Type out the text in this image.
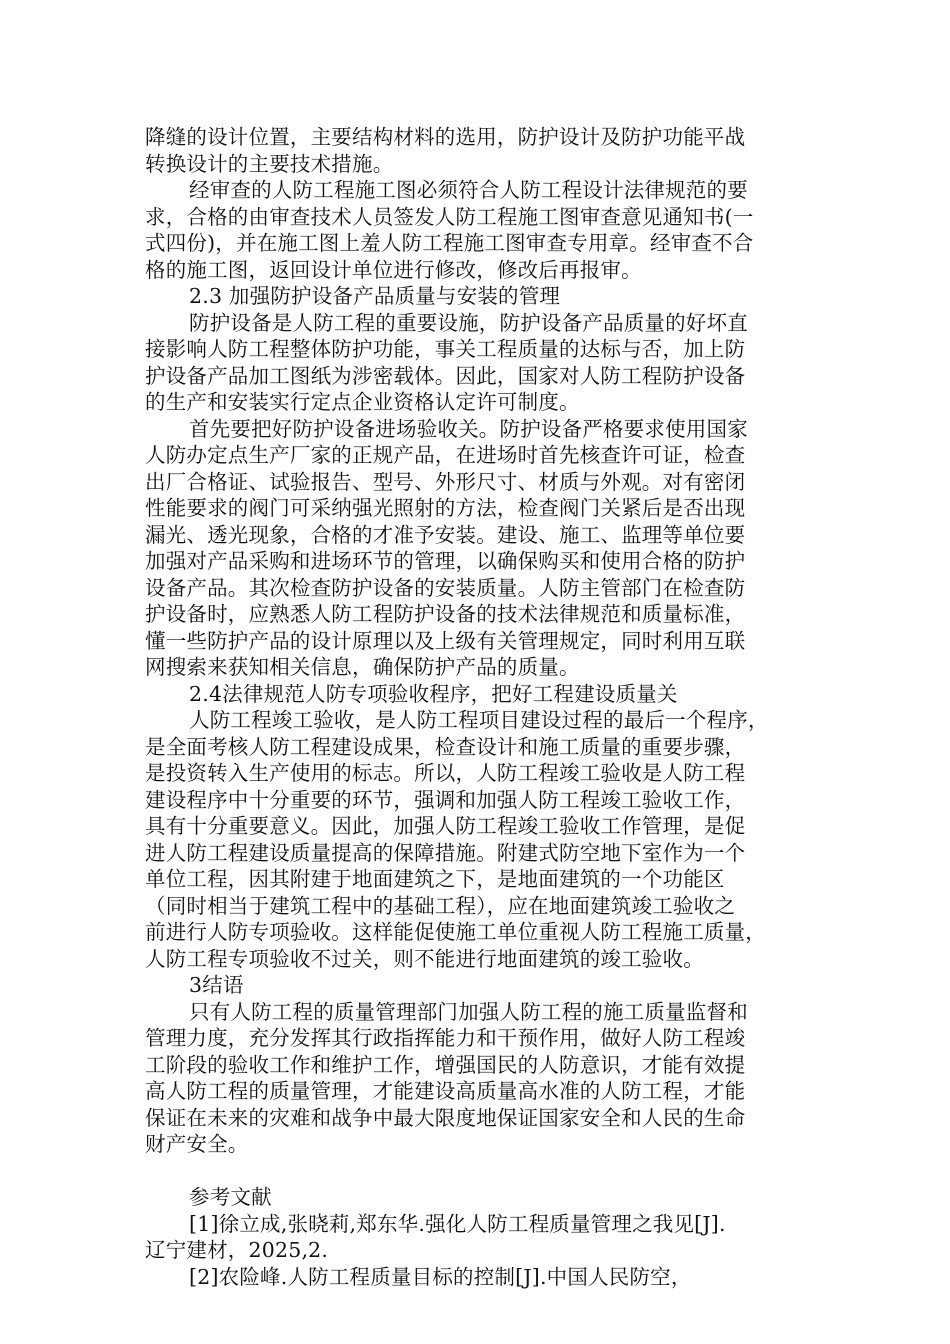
降缝的设计位置，主要结构材料的选用，防护设计及防护功能平战
转换设计的主要技术措施。
经审查的人防工程施工图必须符合人防工程设计法律规范的要
求，合格的由审查技术人员签发人防工程施工图审查意见通知书(一
式四份)，并在施工图上羞人防工程施工图审查专用章。经审查不合
格的施工图，返回设计单位进行修改，修改后再报审。
2.3 加强防护设备产品质量与安装的管理
防护设备是人防工程的重要设施，防护设备产品质量的好坏直
接影响人防工程整体防护功能，事关工程质量的达标与否，加上防
护设备产品加工图纸为涉密载体。因此，国家对人防工程防护设备
的生产和安装实行定点企业资格认定许可制度。
首先要把好防护设备进场验收关。防护设备严格要求使用国家
人防办定点生产厂家的正规产品，在进场时首先核查许可证，检查
出厂合格证、试验报告、型号、外形尺寸、材质与外观。对有密闭
性能要求的阀门可采纳强光照射的方法，检查阀门关紧后是否出现
漏光、透光现象，合格的才准予安装。建设、施工、监理等单位要
加强对产品采购和进场环节的管理，以确保购买和使用合格的防护
设备产品。其次检查防护设备的安装质量。人防主管部门在检查防
护设备时，应熟悉人防工程防护设备的技术法律规范和质量标准，
懂一些防护产品的设计原理以及上级有关管理规定，同时利用互联
网搜索来获知相关信息，确保防护产品的质量。
2.4法律规范人防专项验收程序，把好工程建设质量关
人防工程竣工验收，是人防工程项目建设过程的最后一个程序，
是全面考核人防工程建设成果，检查设计和施工质量的重要步骤，
是投资转入生产使用的标志。所以，人防工程竣工验收是人防工程
建设程序中十分重要的环节，强调和加强人防工程竣工验收工作，
具有十分重要意义。因此，加强人防工程竣工验收工作管理，是促
进人防工程建设质量提高的保障措施。附建式防空地下室作为一个
单位工程，因其附建于地面建筑之下，是地面建筑的一个功能区
（同时相当于建筑工程中的基础工程），应在地面建筑竣工验收之
前进行人防专项验收。这样能促使施工单位重视人防工程施工质量，
人防工程专项验收不过关，则不能进行地面建筑的竣工验收。
3结语
只有人防工程的质量管理部门加强人防工程的施工质量监督和
管理力度，充分发挥其行政指挥能力和干预作用，做好人防工程竣
工阶段的验收工作和维护工作，增强国民的人防意识，才能有效提
高人防工程的质量管理，才能建设高质量高水准的人防工程，才能
保证在未来的灾难和战争中最大限度地保证国家安全和人民的生命
财产安全。
参考文献
[1]徐立成,张晓莉,郑东华.强化人防工程质量管理之我见[J].
辽宁建材，2025,2.
[2]农险峰.人防工程质量目标的控制[J].中国人民防空，
